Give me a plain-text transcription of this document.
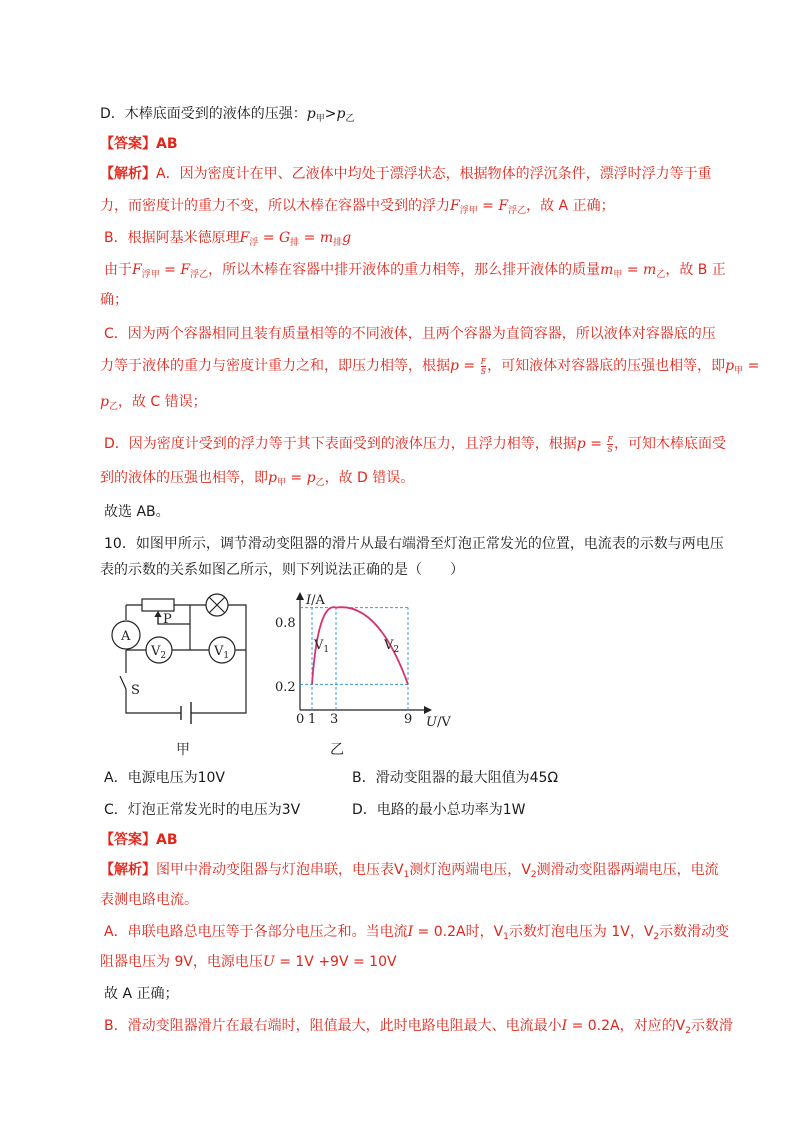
D．木棒底面受到的液体的压强：$p_甲>p_乙$
【答案】AB
【解析】A．因为密度计在甲、乙液体中均处于漂浮状态，根据物体的浮沉条件，漂浮时浮力等于重
力，而密度计的重力不变，所以木棒在容器中受到的浮力$F_{浮甲} = F_{浮乙}$，故 A 正确；
B．根据阿基米德原理$F_浮 = G_排 = m_排g$
由于$F_{浮甲} = F_{浮乙}$，所以木棒在容器中排开液体的重力相等，那么排开液体的质量$m_甲 = m_乙$，故 B 正
确；
C．因为两个容器相同且装有质量相等的不同液体，且两个容器为直筒容器，所以液体对容器底的压
力等于液体的重力与密度计重力之和，即压力相等，根据$p = \frac{F}{S}$ ，可知液体对容器底的压强也相等，即$p_甲$ =
$p_乙$，故 C 错误；
D．因为密度计受到的浮力等于其下表面受到的液体压力，且浮力相等，根据$p = \frac{F}{S}$ ，可知木棒底面受
到的液体的压强也相等，即$p_甲 = p_乙$，故 D 错误。
故选 AB。
10．如图甲所示，调节滑动变阻器的滑片从最右端滑至灯泡正常发光的位置，电流表的示数与两电压
表的示数的关系如图乙所示，则下列说法正确的是（　　）
A
P
S
$V_2$	$V_1$
甲
I/A
U/V
0.8
0.2
0 1 3	9
$V_1$	$V_2$
乙
A．电源电压为10V	B．滑动变阻器的最大阻值为45Ω
C．灯泡正常发光时的电压为3V	D．电路的最小总功率为1W
【答案】AB
【解析】图甲中滑动变阻器与灯泡串联，电压表$V_1$测灯泡两端电压，$V_2$测滑动变阻器两端电压，电流
表测电路电流。
A．串联电路总电压等于各部分电压之和。当电流I = 0.2A时，$V_1$示数灯泡电压为 1V，$V_2$示数滑动变
阻器电压为 9V，电源电压U = 1V +9V = 10V
故 A 正确；
B．滑动变阻器滑片在最右端时，阻值最大，此时电路电阻最大、电流最小I = 0.2A，对应的$V_2$示数滑
